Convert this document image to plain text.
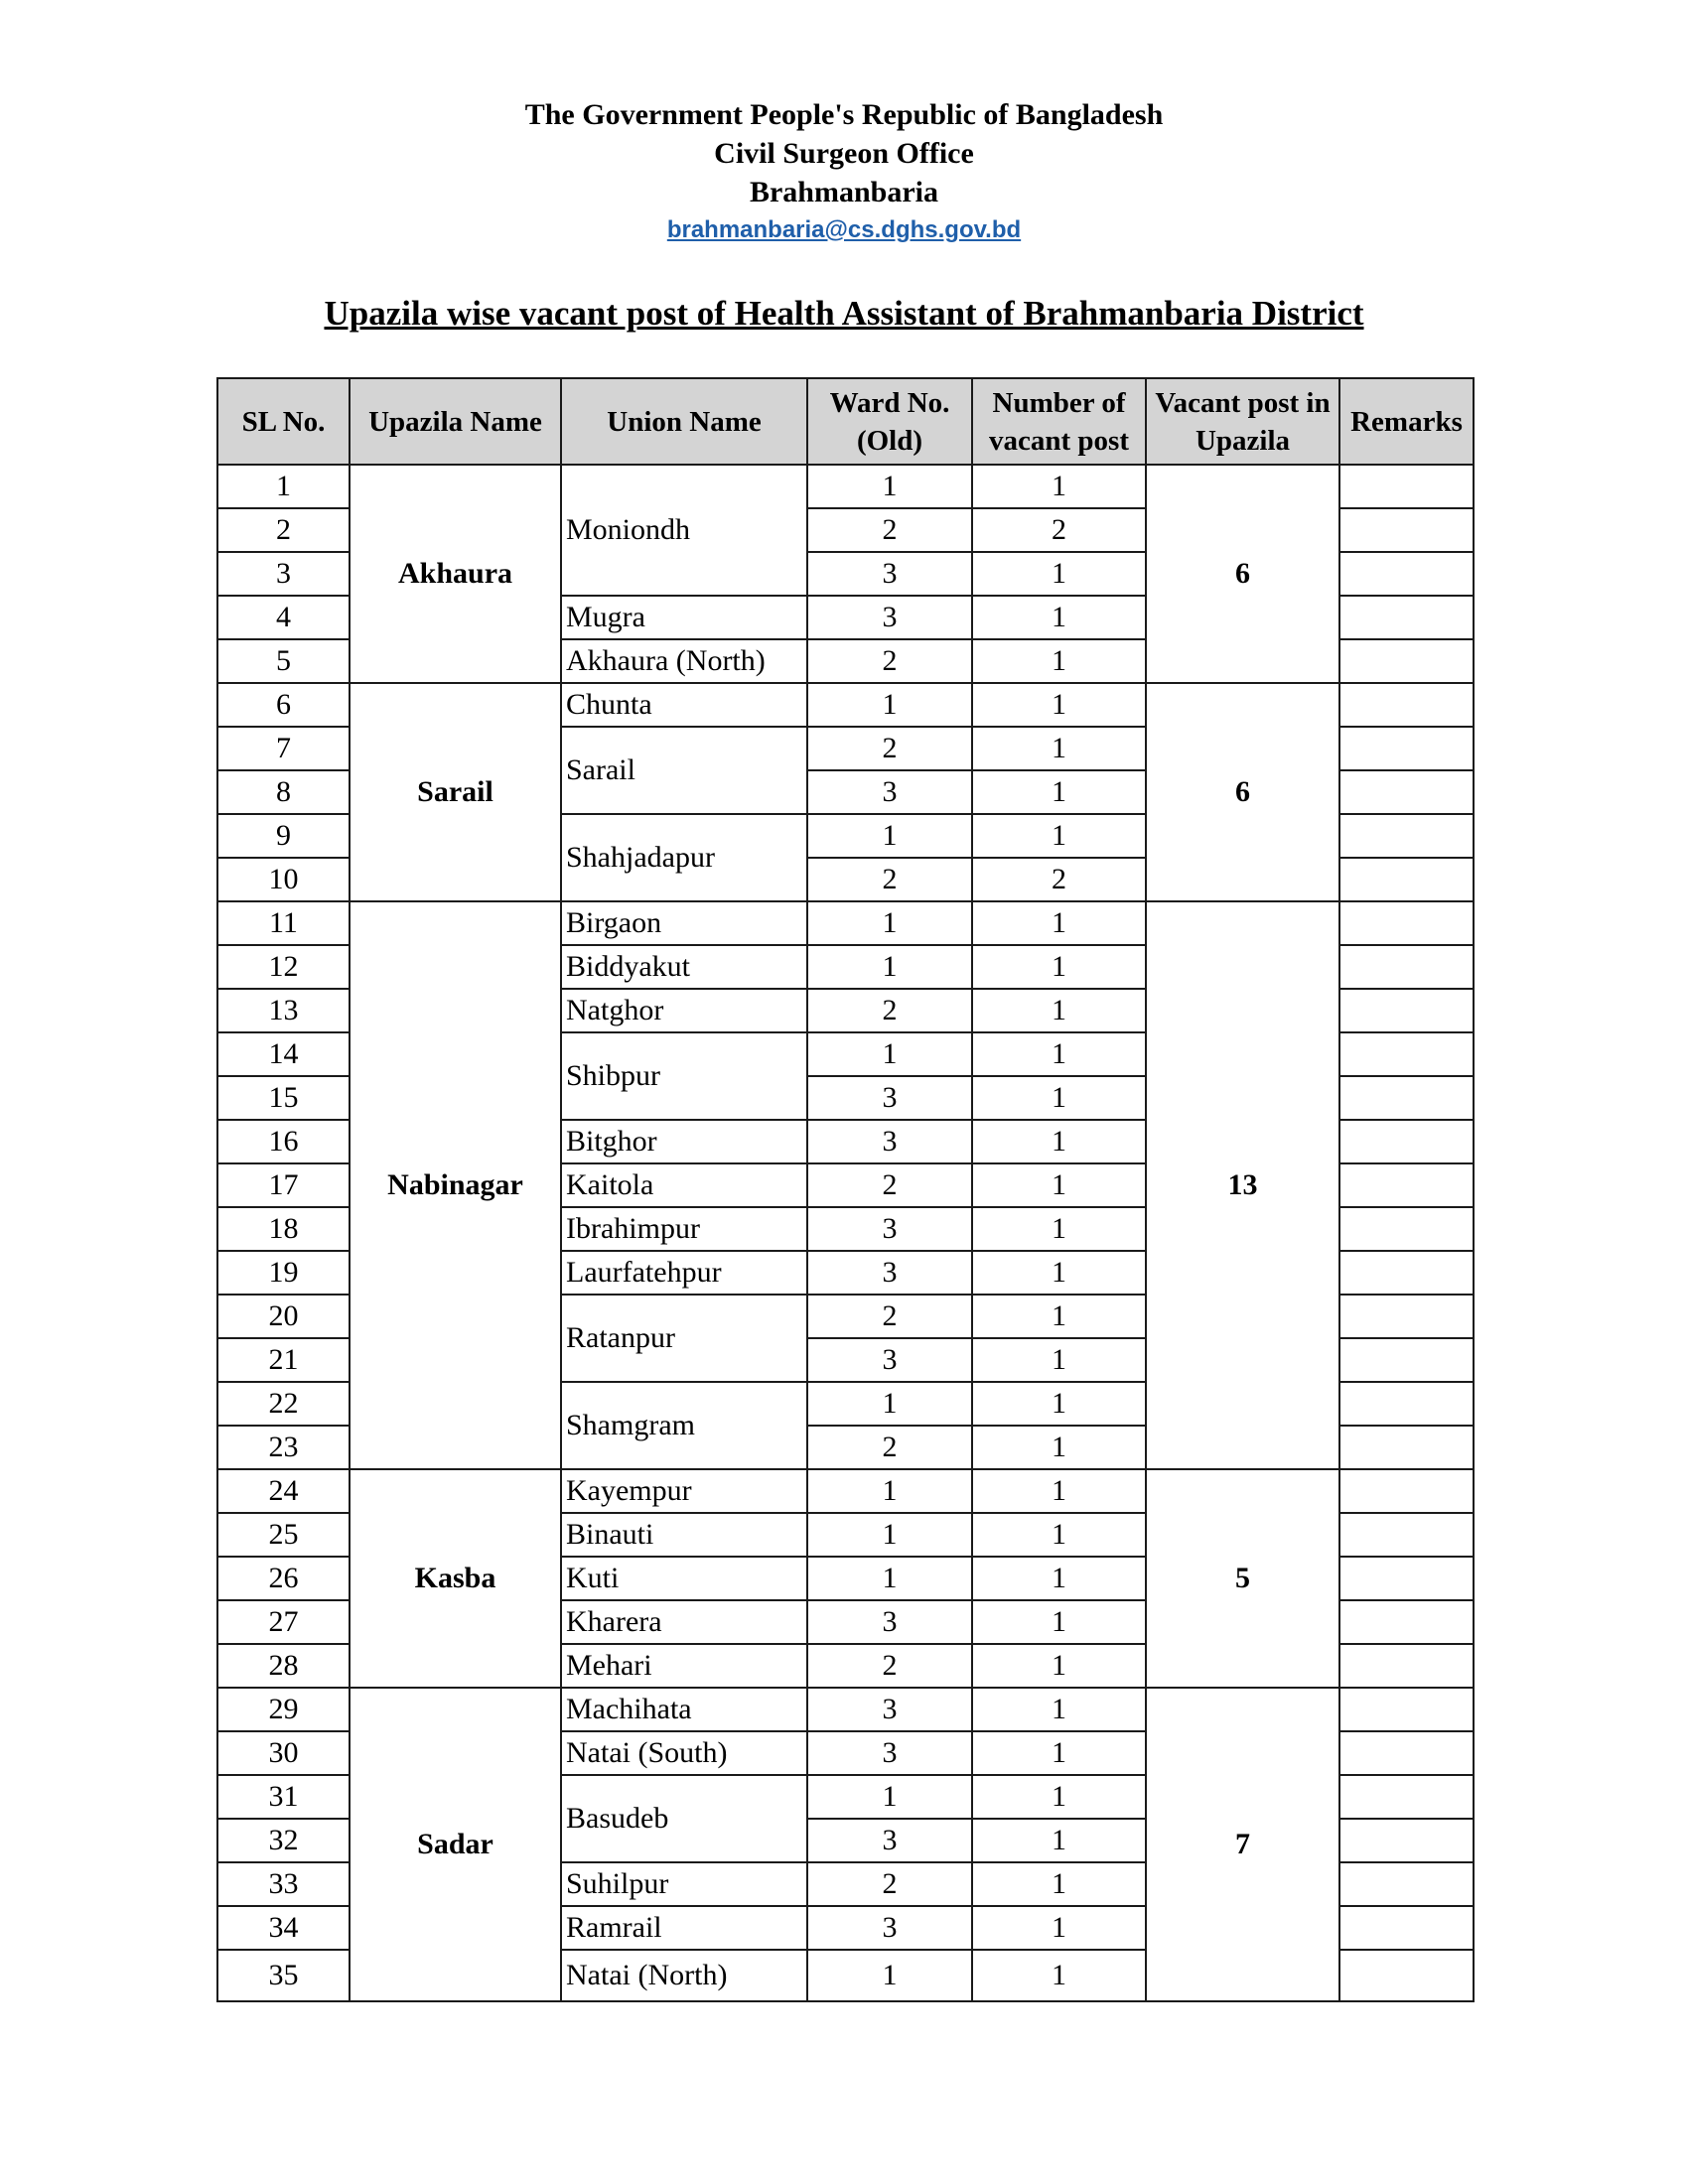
The Government People's Republic of Bangladesh
Civil Surgeon Office
Brahmanbaria
brahmanbaria@cs.dghs.gov.bd
Upazila wise vacant post of Health Assistant of Brahmanbaria District
SL No.	Upazila Name	Union Name	Ward No. (Old)	Number of vacant post	Vacant post in Upazila	Remarks
1	Akhaura	Moniondh	1	1	6	
2			2	2		
3			3	1		
4		Mugra	3	1		
5		Akhaura (North)	2	1		
6	Sarail	Chunta	1	1	6	
7		Sarail	2	1		
8			3	1		
9		Shahjadapur	1	1		
10			2	2		
11	Nabinagar	Birgaon	1	1	13	
12		Biddyakut	1	1		
13		Natghor	2	1		
14		Shibpur	1	1		
15			3	1		
16		Bitghor	3	1		
17		Kaitola	2	1		
18		Ibrahimpur	3	1		
19		Laurfatehpur	3	1		
20		Ratanpur	2	1		
21			3	1		
22		Shamgram	1	1		
23			2	1		
24	Kasba	Kayempur	1	1	5	
25		Binauti	1	1		
26		Kuti	1	1		
27		Kharera	3	1		
28		Mehari	2	1		
29	Sadar	Machihata	3	1	7	
30		Natai (South)	3	1		
31		Basudeb	1	1		
32			3	1		
33		Suhilpur	2	1		
34		Ramrail	3	1		
35		Natai (North)	1	1		
